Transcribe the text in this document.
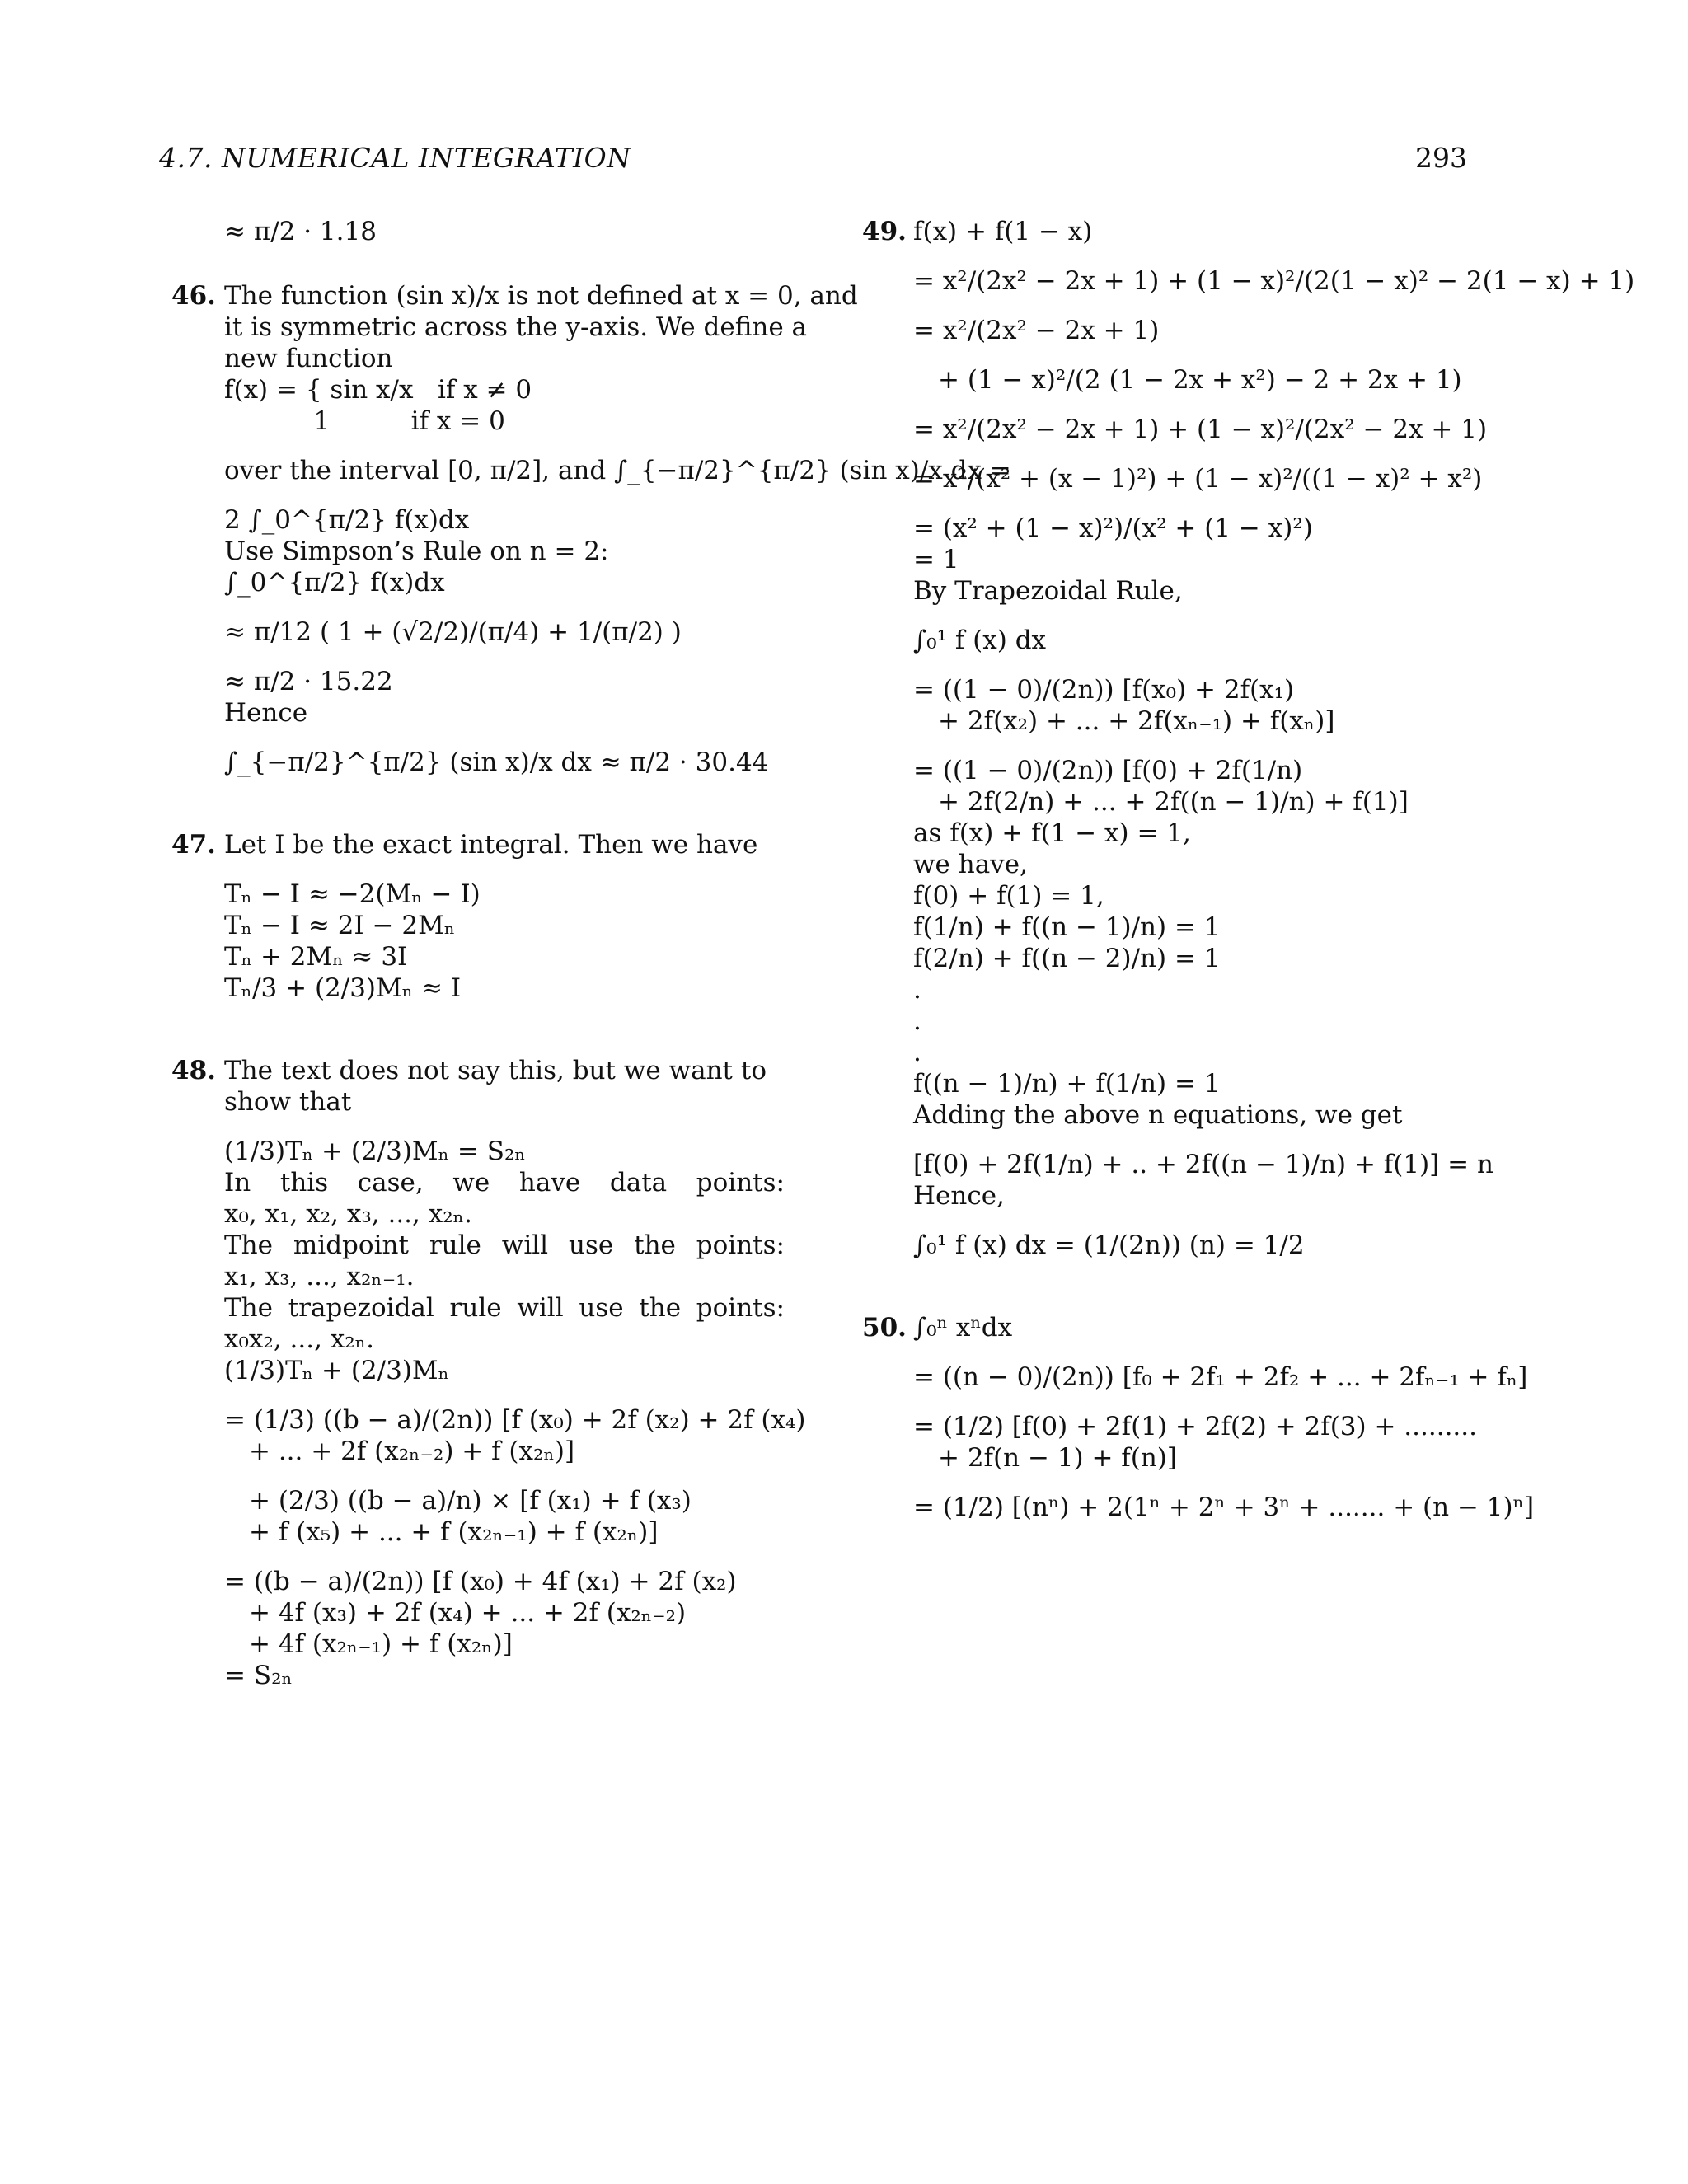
4.7. NUMERICAL INTEGRATION	293

≈ π/2 · 1.18

46. The function (sin x)/x is not defined at x = 0, and

it is symmetric across the y-axis. We define a

new function

f(x) = { sin x/x   if x ≠ 0

1          if x = 0

over the interval [0, π/2], and ∫_{−π/2}^{π/2} (sin x)/x dx =

2 ∫_0^{π/2} f(x)dx

Use Simpson’s Rule on n = 2:

∫_0^{π/2} f(x)dx

≈ π/12 ( 1 + (√2/2)/(π/4) + 1/(π/2) )

≈ π/2 · 15.22

Hence

∫_{−π/2}^{π/2} (sin x)/x dx ≈ π/2 · 30.44

47. Let I be the exact integral. Then we have

Tₙ − I ≈ −2(Mₙ − I)

Tₙ − I ≈ 2I − 2Mₙ

Tₙ + 2Mₙ ≈ 3I

Tₙ/3 + (2/3)Mₙ ≈ I

48. The text does not say this, but we want to

show that

(1/3)Tₙ + (2/3)Mₙ = S₂ₙ

In this case, we have data points:

x₀, x₁, x₂, x₃, ..., x₂ₙ.

The midpoint rule will use the points:

x₁, x₃, ..., x₂ₙ₋₁.

The trapezoidal rule will use the points:

x₀x₂, ..., x₂ₙ.

(1/3)Tₙ + (2/3)Mₙ

= (1/3) ((b − a)/(2n)) [f (x₀) + 2f (x₂) + 2f (x₄)

+ ... + 2f (x₂ₙ₋₂) + f (x₂ₙ)]

+ (2/3) ((b − a)/n) × [f (x₁) + f (x₃)

+ f (x₅) + ... + f (x₂ₙ₋₁) + f (x₂ₙ)]

= ((b − a)/(2n)) [f (x₀) + 4f (x₁) + 2f (x₂)

+ 4f (x₃) + 2f (x₄) + ... + 2f (x₂ₙ₋₂)

+ 4f (x₂ₙ₋₁) + f (x₂ₙ)]

= S₂ₙ

49. f(x) + f(1 − x)

= x²/(2x² − 2x + 1) + (1 − x)²/(2(1 − x)² − 2(1 − x) + 1)

= x²/(2x² − 2x + 1)

+ (1 − x)²/(2 (1 − 2x + x²) − 2 + 2x + 1)

= x²/(2x² − 2x + 1) + (1 − x)²/(2x² − 2x + 1)

= x²/(x² + (x − 1)²) + (1 − x)²/((1 − x)² + x²)

= (x² + (1 − x)²)/(x² + (1 − x)²)

= 1

By Trapezoidal Rule,

∫₀¹ f (x) dx

= ((1 − 0)/(2n)) [f(x₀) + 2f(x₁)

+ 2f(x₂) + ... + 2f(xₙ₋₁) + f(xₙ)]

= ((1 − 0)/(2n)) [f(0) + 2f(1/n)

+ 2f(2/n) + ... + 2f((n − 1)/n) + f(1)]

as f(x) + f(1 − x) = 1,

we have,

f(0) + f(1) = 1,

f(1/n) + f((n − 1)/n) = 1

f(2/n) + f((n − 2)/n) = 1

.

.

.

f((n − 1)/n) + f(1/n) = 1

Adding the above n equations, we get

[f(0) + 2f(1/n) + .. + 2f((n − 1)/n) + f(1)] = n

Hence,

∫₀¹ f (x) dx = (1/(2n)) (n) = 1/2

50. ∫₀ⁿ xⁿdx

= ((n − 0)/(2n)) [f₀ + 2f₁ + 2f₂ + ... + 2fₙ₋₁ + fₙ]

= (1/2) [f(0) + 2f(1) + 2f(2) + 2f(3) + .........

+ 2f(n − 1) + f(n)]

= (1/2) [(nⁿ) + 2(1ⁿ + 2ⁿ + 3ⁿ + ....... + (n − 1)ⁿ]
